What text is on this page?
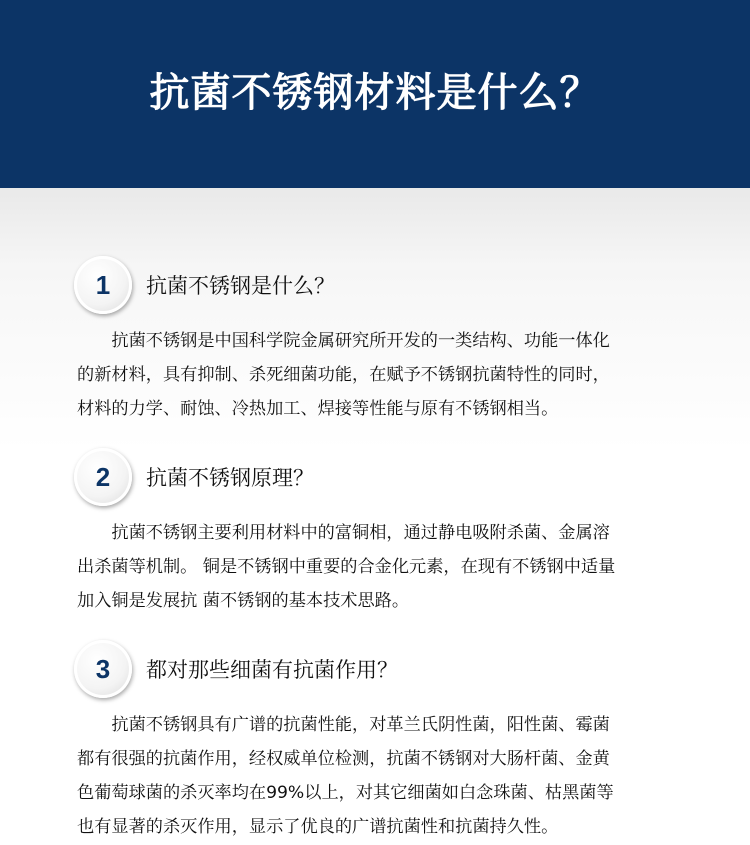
抗菌不锈钢材料是什么？
1 抗菌不锈钢是什么？

　　抗菌不锈钢是中国科学院金属研究所开发的一类结构、功能一体化

的新材料，具有抑制、杀死细菌功能，在赋予不锈钢抗菌特性的同时，

材料的力学、耐蚀、冷热加工、焊接等性能与原有不锈钢相当。

2 抗菌不锈钢原理？

　　抗菌不锈钢主要利用材料中的富铜相，通过静电吸附杀菌、金属溶

出杀菌等机制。 铜是不锈钢中重要的合金化元素，在现有不锈钢中适量

加入铜是发展抗 菌不锈钢的基本技术思路。

3 都对那些细菌有抗菌作用？

　　抗菌不锈钢具有广谱的抗菌性能，对革兰氏阴性菌，阳性菌、霉菌

都有很强的抗菌作用，经权威单位检测，抗菌不锈钢对大肠杆菌、金黄

色葡萄球菌的杀灭率均在99%以上，对其它细菌如白念珠菌、枯黑菌等

也有显著的杀灭作用，显示了优良的广谱抗菌性和抗菌持久性。
